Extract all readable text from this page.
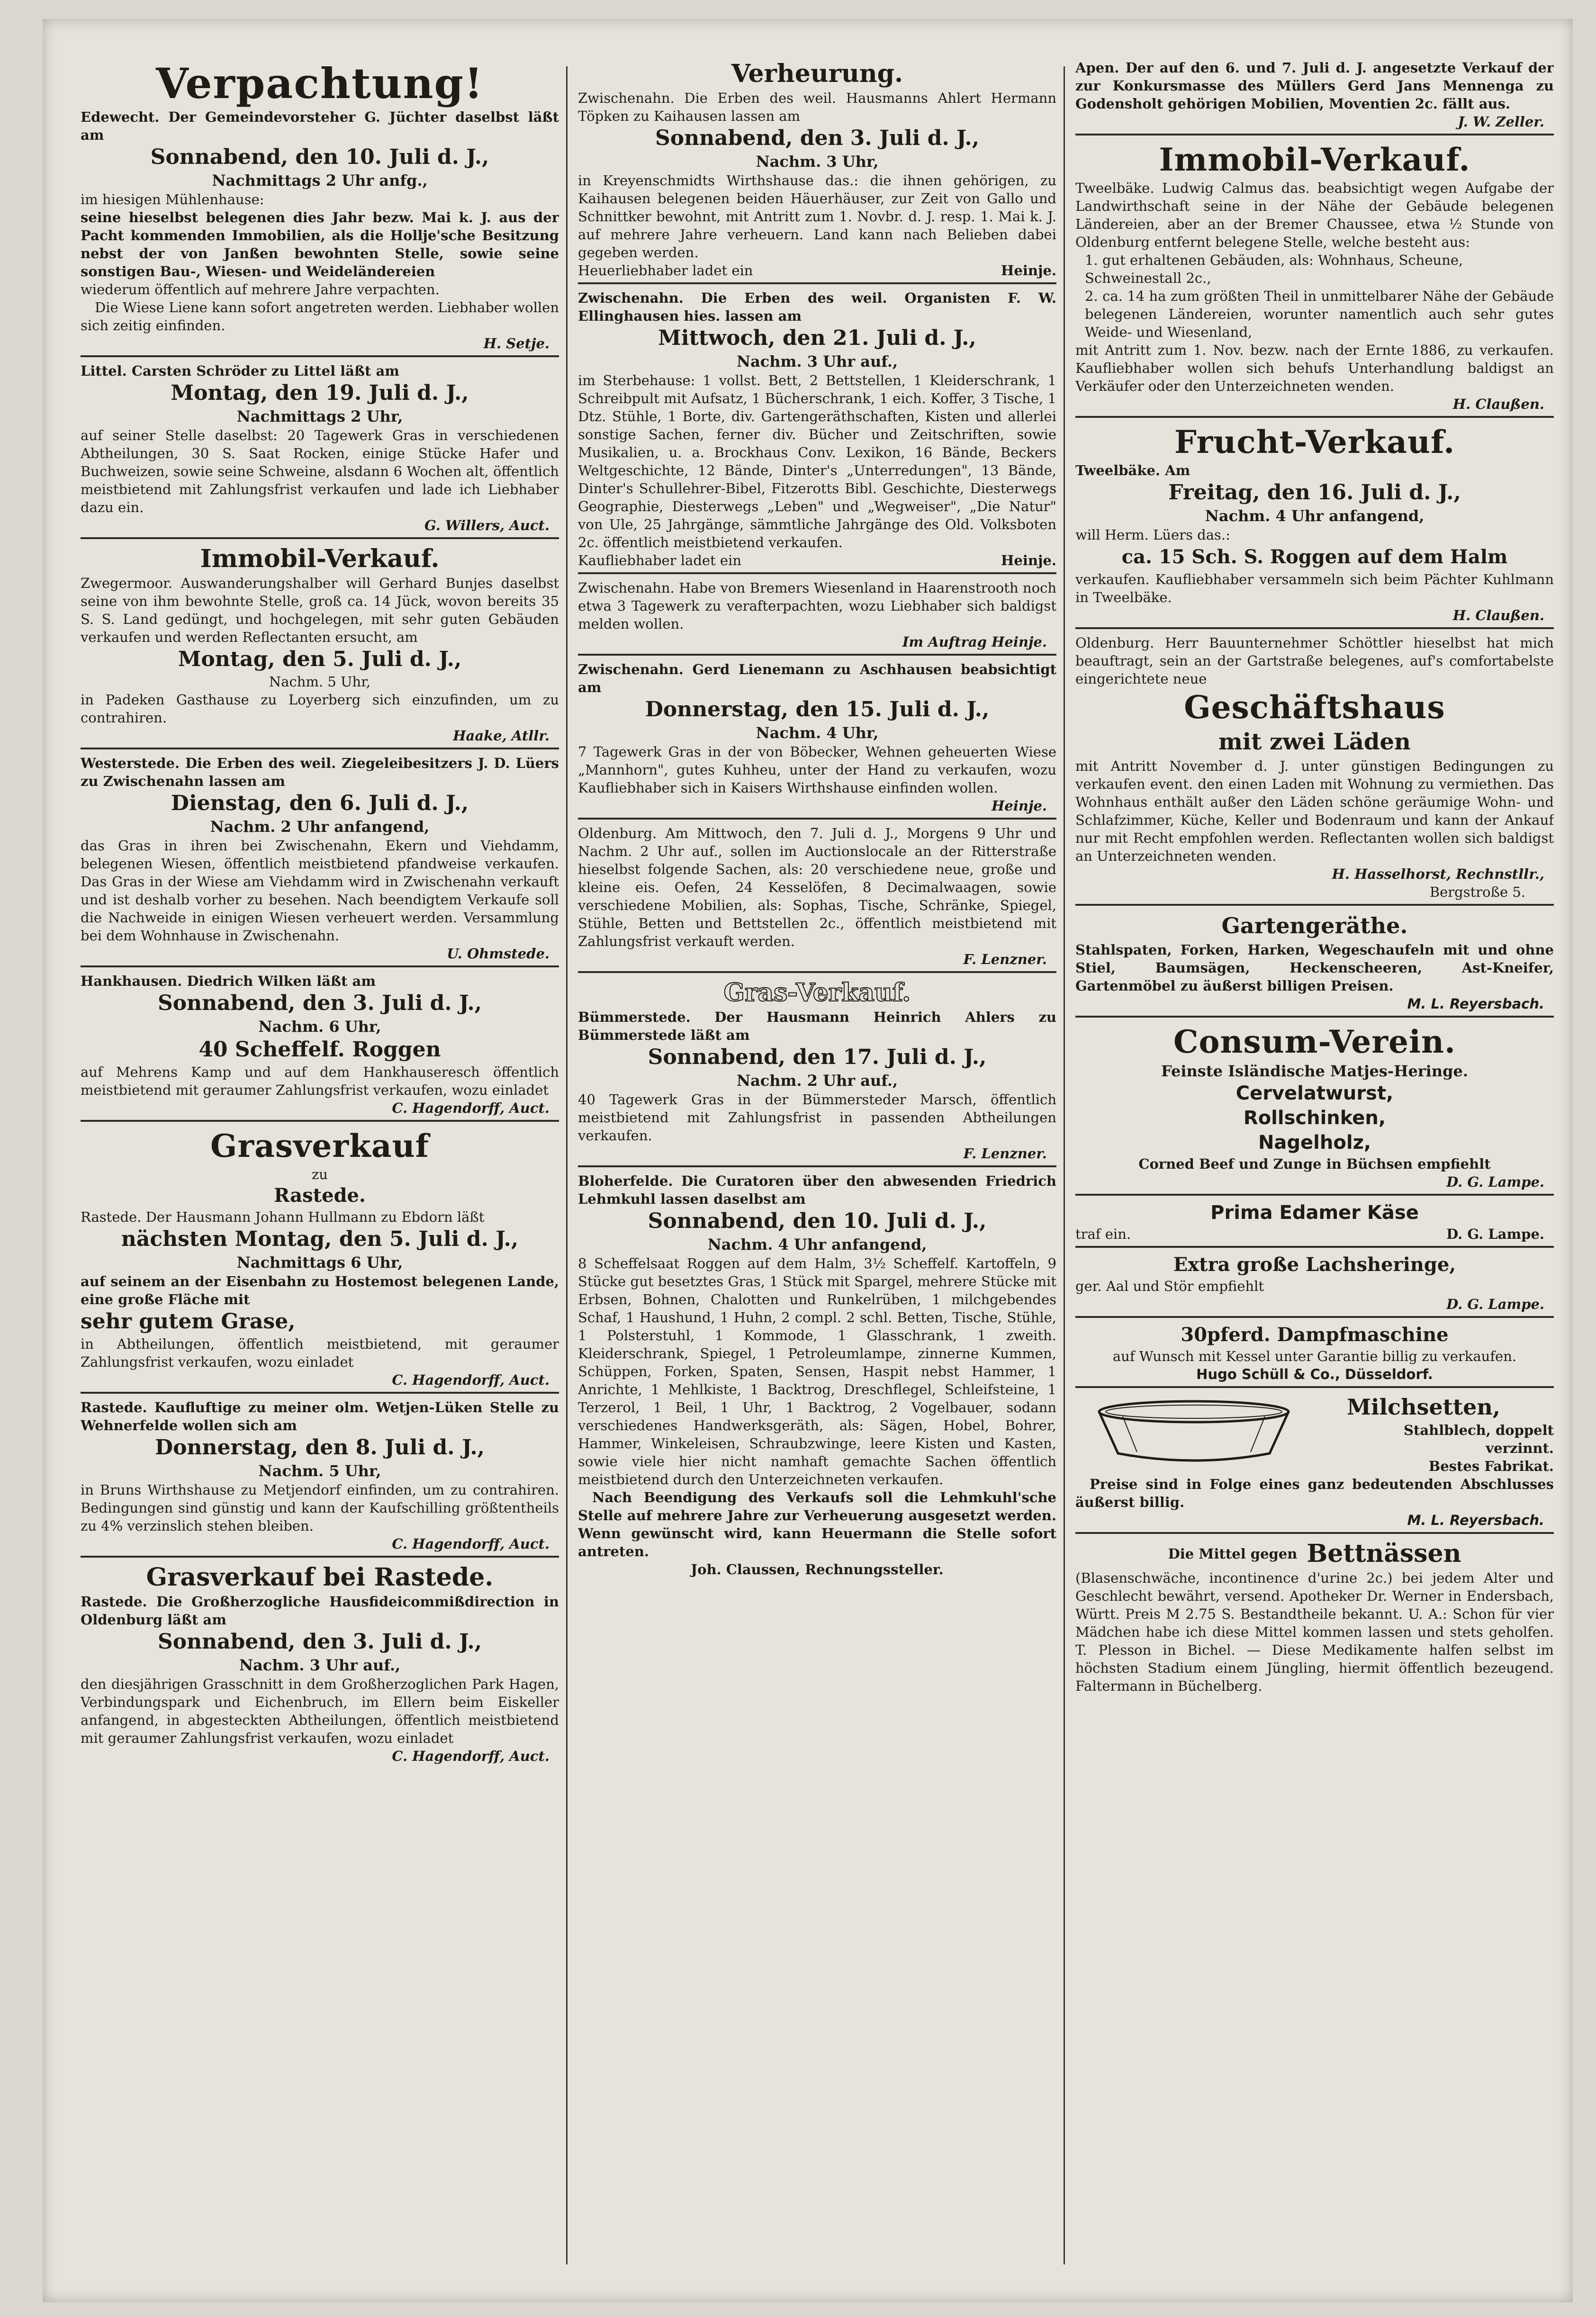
Verpachtung!
Edewecht. Der Gemeindevorsteher G. Jüchter daselbst läßt am
Sonnabend, den 10. Juli d. J.,
Nachmittags 2 Uhr anfg.,
im hiesigen Mühlenhause:
seine hieselbst belegenen dies Jahr bezw. Mai k. J. aus der Pacht kommenden Immobilien, als die Hollje'sche Besitzung nebst der von Janßen bewohnten Stelle, sowie seine sonstigen Bau-, Wiesen- und Weideländereien
wiederum öffentlich auf mehrere Jahre verpachten.
Die Wiese Liene kann sofort angetreten werden. Liebhaber wollen sich zeitig einfinden.
H. Setje.
Littel. Carsten Schröder zu Littel läßt am
Montag, den 19. Juli d. J.,
Nachmittags 2 Uhr,
auf seiner Stelle daselbst: 20 Tagewerk Gras in verschiedenen Abtheilungen, 30 S. Saat Rocken, einige Stücke Hafer und Buchweizen, sowie seine Schweine, alsdann 6 Wochen alt, öffentlich meistbietend mit Zahlungsfrist verkaufen und lade ich Liebhaber dazu ein.
G. Willers, Auct.
Immobil-Verkauf.
Zwegermoor. Auswanderungshalber will Gerhard Bunjes daselbst seine von ihm bewohnte Stelle, groß ca. 14 Jück, wovon bereits 35 S. S. Land gedüngt, und hochgelegen, mit sehr guten Gebäuden verkaufen und werden Reflectanten ersucht, am
Montag, den 5. Juli d. J.,
Nachm. 5 Uhr,
in Padeken Gasthause zu Loyerberg sich einzufinden, um zu contrahiren.
Haake, Atllr.
Westerstede. Die Erben des weil. Ziegeleibesitzers J. D. Lüers zu Zwischenahn lassen am
Dienstag, den 6. Juli d. J.,
Nachm. 2 Uhr anfangend,
das Gras in ihren bei Zwischenahn, Ekern und Viehdamm, belegenen Wiesen, öffentlich meistbietend pfandweise verkaufen. Das Gras in der Wiese am Viehdamm wird in Zwischenahn verkauft und ist deshalb vorher zu besehen. Nach beendigtem Verkaufe soll die Nachweide in einigen Wiesen verheuert werden. Versammlung bei dem Wohnhause in Zwischenahn.
U. Ohmstede.
Hankhausen. Diedrich Wilken läßt am
Sonnabend, den 3. Juli d. J.,
Nachm. 6 Uhr,
40 Scheffelf. Roggen
auf Mehrens Kamp und auf dem Hankhauseresch öffentlich meistbietend mit geraumer Zahlungsfrist verkaufen, wozu einladet
C. Hagendorff, Auct.
Grasverkauf
zu
Rastede.
Rastede. Der Hausmann Johann Hullmann zu Ebdorn läßt
nächsten Montag, den 5. Juli d. J.,
Nachmittags 6 Uhr,
auf seinem an der Eisenbahn zu Hostemost belegenen Lande, eine große Fläche mit
sehr gutem Grase,
in Abtheilungen, öffentlich meistbietend, mit geraumer Zahlungsfrist verkaufen, wozu einladet
C. Hagendorff, Auct.
Rastede. Kaufluftige zu meiner olm. Wetjen-Lüken Stelle zu Wehnerfelde wollen sich am
Donnerstag, den 8. Juli d. J.,
Nachm. 5 Uhr,
in Bruns Wirthshause zu Metjendorf einfinden, um zu contrahiren. Bedingungen sind günstig und kann der Kaufschilling größtentheils zu 4% verzinslich stehen bleiben.
C. Hagendorff, Auct.
Grasverkauf bei Rastede.
Rastede. Die Großherzogliche Hausfideicommißdirection in Oldenburg läßt am
Sonnabend, den 3. Juli d. J.,
Nachm. 3 Uhr auf.,
den diesjährigen Grasschnitt in dem Großherzoglichen Park Hagen, Verbindungspark und Eichenbruch, im Ellern beim Eiskeller anfangend, in abgesteckten Abtheilungen, öffentlich meistbietend mit geraumer Zahlungsfrist verkaufen, wozu einladet
C. Hagendorff, Auct.
Verheurung.
Zwischenahn. Die Erben des weil. Hausmanns Ahlert Hermann Töpken zu Kaihausen lassen am
Sonnabend, den 3. Juli d. J.,
Nachm. 3 Uhr,
in Kreyenschmidts Wirthshause das.: die ihnen gehörigen, zu Kaihausen belegenen beiden Häuerhäuser, zur Zeit von Gallo und Schnittker bewohnt, mit Antritt zum 1. Novbr. d. J. resp. 1. Mai k. J. auf mehrere Jahre verheuern. Land kann nach Belieben dabei gegeben werden.
Heuerliebhaber ladet ein	Heinje.
Zwischenahn. Die Erben des weil. Organisten F. W. Ellinghausen hies. lassen am
Mittwoch, den 21. Juli d. J.,
Nachm. 3 Uhr auf.,
im Sterbehause: 1 vollst. Bett, 2 Bettstellen, 1 Kleiderschrank, 1 Schreibpult mit Aufsatz, 1 Bücherschrank, 1 eich. Koffer, 3 Tische, 1 Dtz. Stühle, 1 Borte, div. Gartengeräthschaften, Kisten und allerlei sonstige Sachen, ferner div. Bücher und Zeitschriften, sowie Musikalien, u. a. Brockhaus Conv. Lexikon, 16 Bände, Beckers Weltgeschichte, 12 Bände, Dinter's „Unterredungen", 13 Bände, Dinter's Schullehrer-Bibel, Fitzerotts Bibl. Geschichte, Diesterwegs Geographie, Diesterwegs „Leben" und „Wegweiser", „Die Natur" von Ule, 25 Jahrgänge, sämmtliche Jahrgänge des Old. Volksboten 2c. öffentlich meistbietend verkaufen.
Kaufliebhaber ladet ein	Heinje.
Zwischenahn. Habe von Bremers Wiesenland in Haarenstrooth noch etwa 3 Tagewerk zu verafterpachten, wozu Liebhaber sich baldigst melden wollen.
Im Auftrag Heinje.
Zwischenahn. Gerd Lienemann zu Aschhausen beabsichtigt am
Donnerstag, den 15. Juli d. J.,
Nachm. 4 Uhr,
7 Tagewerk Gras in der von Böbecker, Wehnen geheuerten Wiese „Mannhorn", gutes Kuhheu, unter der Hand zu verkaufen, wozu Kaufliebhaber sich in Kaisers Wirthshause einfinden wollen.
Heinje.
Oldenburg. Am Mittwoch, den 7. Juli d. J., Morgens 9 Uhr und Nachm. 2 Uhr auf., sollen im Auctionslocale an der Ritterstraße hieselbst folgende Sachen, als: 20 verschiedene neue, große und kleine eis. Oefen, 24 Kesselöfen, 8 Decimalwaagen, sowie verschiedene Mobilien, als: Sophas, Tische, Schränke, Spiegel, Stühle, Betten und Bettstellen 2c., öffentlich meistbietend mit Zahlungsfrist verkauft werden.
F. Lenzner.
Gras-Verkauf.
Bümmerstede. Der Hausmann Heinrich Ahlers zu Bümmerstede läßt am
Sonnabend, den 17. Juli d. J.,
Nachm. 2 Uhr auf.,
40 Tagewerk Gras in der Bümmersteder Marsch, öffentlich meistbietend mit Zahlungsfrist in passenden Abtheilungen verkaufen.
F. Lenzner.
Bloherfelde. Die Curatoren über den abwesenden Friedrich Lehmkuhl lassen daselbst am
Sonnabend, den 10. Juli d. J.,
Nachm. 4 Uhr anfangend,
8 Scheffelsaat Roggen auf dem Halm, 3½ Scheffelf. Kartoffeln, 9 Stücke gut besetztes Gras, 1 Stück mit Spargel, mehrere Stücke mit Erbsen, Bohnen, Chalotten und Runkelrüben, 1 milchgebendes Schaf, 1 Haushund, 1 Huhn, 2 compl. 2 schl. Betten, Tische, Stühle, 1 Polsterstuhl, 1 Kommode, 1 Glasschrank, 1 zweith. Kleiderschrank, Spiegel, 1 Petroleumlampe, zinnerne Kummen, Schüppen, Forken, Spaten, Sensen, Haspit nebst Hammer, 1 Anrichte, 1 Mehlkiste, 1 Backtrog, Dreschflegel, Schleifsteine, 1 Terzerol, 1 Beil, 1 Uhr, 1 Backtrog, 2 Vogelbauer, sodann verschiedenes Handwerksgeräth, als: Sägen, Hobel, Bohrer, Hammer, Winkeleisen, Schraubzwinge, leere Kisten und Kasten, sowie viele hier nicht namhaft gemachte Sachen öffentlich meistbietend durch den Unterzeichneten verkaufen.
Nach Beendigung des Verkaufs soll die Lehmkuhl'sche Stelle auf mehrere Jahre zur Verheuerung ausgesetzt werden. Wenn gewünscht wird, kann Heuermann die Stelle sofort antreten.
Joh. Claussen, Rechnungssteller.
Apen. Der auf den 6. und 7. Juli d. J. angesetzte Verkauf der zur Konkursmasse des Müllers Gerd Jans Mennenga zu Godensholt gehörigen Mobilien, Moventien 2c. fällt aus.
J. W. Zeller.
Immobil-Verkauf.
Tweelbäke. Ludwig Calmus das. beabsichtigt wegen Aufgabe der Landwirthschaft seine in der Nähe der Gebäude belegenen Ländereien, aber an der Bremer Chaussee, etwa ½ Stunde von Oldenburg entfernt belegene Stelle, welche besteht aus:
1. gut erhaltenen Gebäuden, als: Wohnhaus, Scheune, Schweinestall 2c.,
2. ca. 14 ha zum größten Theil in unmittelbarer Nähe der Gebäude belegenen Ländereien, worunter namentlich auch sehr gutes Weide- und Wiesenland,
mit Antritt zum 1. Nov. bezw. nach der Ernte 1886, zu verkaufen. Kaufliebhaber wollen sich behufs Unterhandlung baldigst an Verkäufer oder den Unterzeichneten wenden.
H. Claußen.
Frucht-Verkauf.
Tweelbäke. Am
Freitag, den 16. Juli d. J.,
Nachm. 4 Uhr anfangend,
will Herm. Lüers das.:
ca. 15 Sch. S. Roggen auf dem Halm
verkaufen. Kaufliebhaber versammeln sich beim Pächter Kuhlmann in Tweelbäke.
H. Claußen.
Oldenburg. Herr Bauunternehmer Schöttler hieselbst hat mich beauftragt, sein an der Gartstraße belegenes, auf's comfortabelste eingerichtete neue
Geschäftshaus
mit zwei Läden
mit Antritt November d. J. unter günstigen Bedingungen zu verkaufen event. den einen Laden mit Wohnung zu vermiethen. Das Wohnhaus enthält außer den Läden schöne geräumige Wohn- und Schlafzimmer, Küche, Keller und Bodenraum und kann der Ankauf nur mit Recht empfohlen werden. Reflectanten wollen sich baldigst an Unterzeichneten wenden.
H. Hasselhorst, Rechnstllr.,
Bergstroße 5.
Gartengeräthe.
Stahlspaten, Forken, Harken, Wegeschaufeln mit und ohne Stiel, Baumsägen, Heckenscheeren, Ast-Kneifer, Gartenmöbel zu äußerst billigen Preisen.
M. L. Reyersbach.
Consum-Verein.
Feinste Isländische Matjes-Heringe.
Cervelatwurst,
Rollschinken,
Nagelholz,
Corned Beef und Zunge in Büchsen empfiehlt
D. G. Lampe.
Prima Edamer Käse
traf ein.	D. G. Lampe.
Extra große Lachsheringe,
ger. Aal und Stör empfiehlt
D. G. Lampe.
30pferd. Dampfmaschine
auf Wunsch mit Kessel unter Garantie billig zu verkaufen.
Hugo Schüll & Co., Düsseldorf.
Milchsetten,
Stahlblech, doppelt
verzinnt.
Bestes Fabrikat.
Preise sind in Folge eines ganz bedeutenden Abschlusses äußerst billig.
M. L. Reyersbach.
Die Mittel gegen Bettnässen
(Blasenschwäche, incontinence d'urine 2c.) bei jedem Alter und Geschlecht bewährt, versend. Apotheker Dr. Werner in Endersbach, Württ. Preis M 2.75 S. Bestandtheile bekannt. U. A.: Schon für vier Mädchen habe ich diese Mittel kommen lassen und stets geholfen. T. Plesson in Bichel. — Diese Medikamente halfen selbst im höchsten Stadium einem Jüngling, hiermit öffentlich bezeugend. Faltermann in Büchelberg.
